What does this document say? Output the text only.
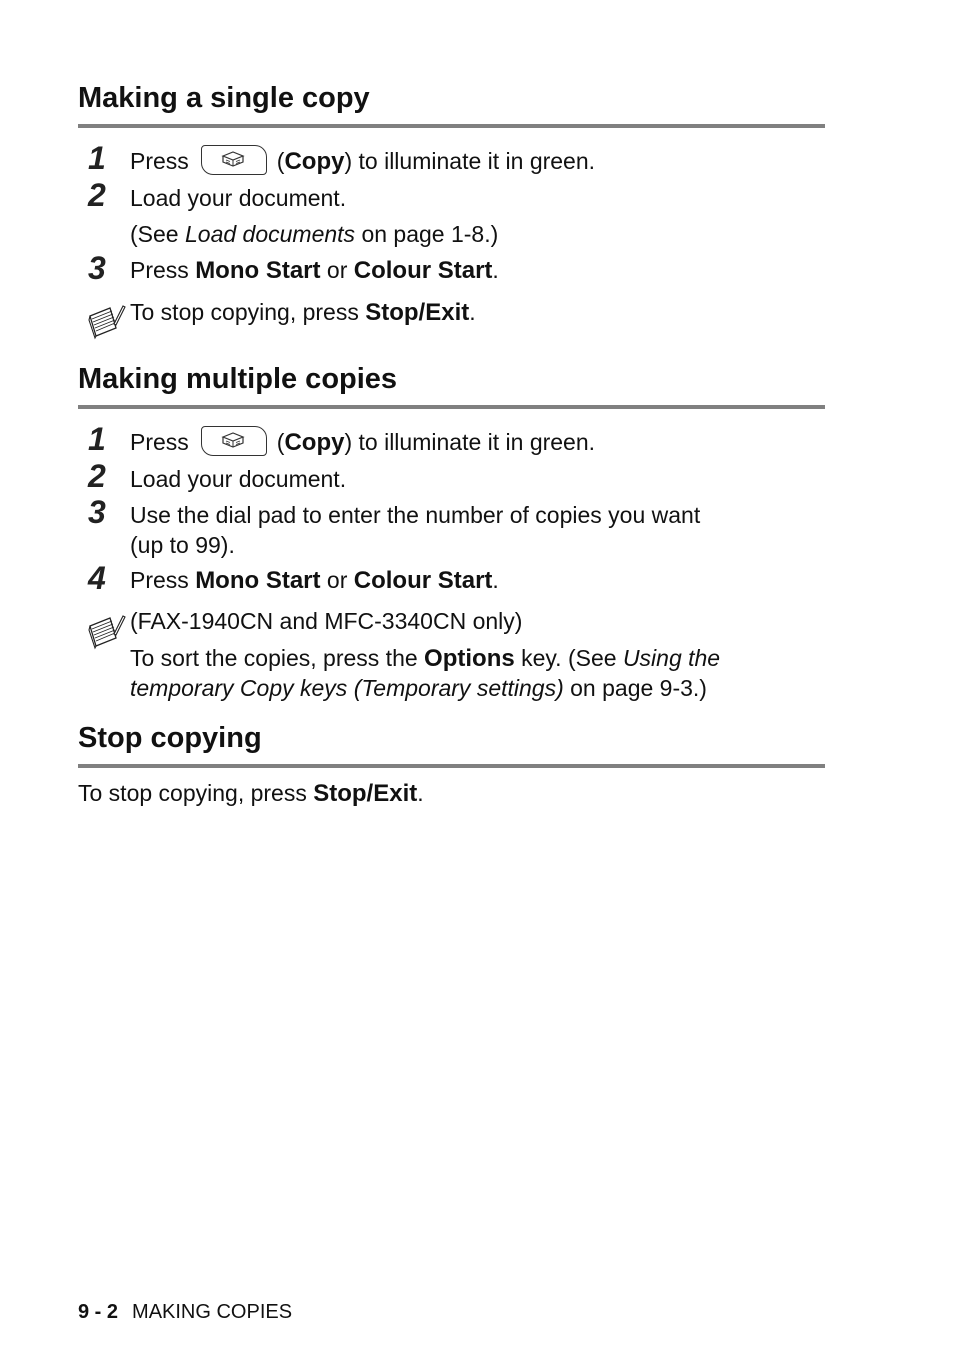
Making a single copy
1 Press	(Copy) to illuminate it in green.
2 Load your document.
(See Load documents on page 1-8.)
3 Press Mono Start or Colour Start.
To stop copying, press Stop/Exit.
Making multiple copies
1 Press	(Copy) to illuminate it in green.
2 Load your document.
3 Use the dial pad to enter the number of copies you want
(up to 99).
4 Press Mono Start or Colour Start.
(FAX-1940CN and MFC-3340CN only)
To sort the copies, press the Options key. (See Using the
temporary Copy keys (Temporary settings) on page 9-3.)
Stop copying
To stop copying, press Stop/Exit.
9 - 2 MAKING COPIES
